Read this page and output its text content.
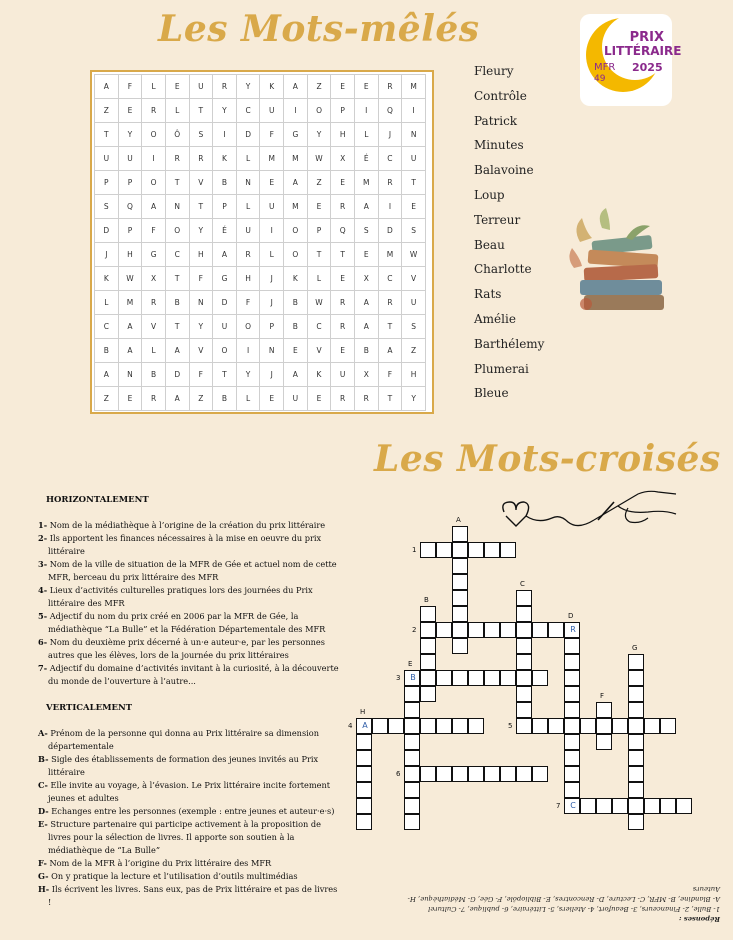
Les Mots-mêlés
Les Mots-croisés
PRIX
LITTÉRAIRE
MFR 2025
49
A	F	L	E	U	R	Y	K	A	Z	E	E	R	M
Z	E	R	L	T	Y	C	U	I	O	P	I	Q	I
T	Y	O	Ô	S	I	D	F	G	Y	H	L	J	N
U	U	I	R	R	K	L	M	M	W	X	É	C	U
P	P	O	T	V	B	N	E	A	Z	E	M	R	T
S	Q	A	N	T	P	L	U	M	E	R	A	I	E
D	P	F	O	Y	É	U	I	O	P	Q	S	D	S
J	H	G	C	H	A	R	L	O	T	T	E	M	W
K	W	X	T	F	G	H	J	K	L	E	X	C	V
L	M	R	B	N	D	F	J	B	W	R	A	R	U
C	A	V	T	Y	U	O	P	B	C	R	A	T	S
B	A	L	A	V	O	I	N	E	V	E	B	A	Z
A	N	B	D	F	T	Y	J	A	K	U	X	F	H
Z	E	R	A	Z	B	L	E	U	E	R	R	T	Y
Fleury
Contrôle
Patrick
Minutes
Balavoine
Loup
Terreur
Beau
Charlotte
Rats
Amélie
Barthélemy
Plumerai
Bleue
HORIZONTALEMENT
1- Nom de la médiathèque à l’origine de la création du prix littéraire
2- Ils apportent les finances nécessaires à la mise en oeuvre du prix littéraire
3- Nom de la ville de situation de la MFR de Gée et actuel nom de cette MFR, berceau du prix littéraire des MFR
4- Lieux d’activités culturelles pratiques lors des journées du Prix littéraire des MFR
5- Adjectif du nom du prix créé en 2006 par la MFR de Gée, la médiathèque “La Bulle” et la Fédération Départementale des MFR
6- Nom du deuxième prix décerné à un·e auteur·e, par les personnes autres que les élèves, lors de la journée du prix littéraires
7- Adjectif du domaine d’activités invitant à la curiosité, à la découverte du monde de l’ouverture à l’autre...
VERTICALEMENT
A- Prénom de la personne qui donna au Prix littéraire sa dimension départementale
B- Sigle des établissements de formation des jeunes invités au Prix littéraire
C- Elle invite au voyage, à l’évasion. Le Prix littéraire incite fortement jeunes et adultes
D- Echanges entre les personnes (exemple : entre jeunes et auteur·e·s)
E- Structure partenaire qui participe activement à la proposition de livres pour la sélection de livres. Il apporte son soutien à la médiathèque de “La Bulle”
F- Nom de la MFR à l’origine du Prix littéraire des MFR
G- On y pratique la lecture et l’utilisation d’outils multimédias
H- Ils écrivent les livres. Sans eux, pas de Prix littéraire et pas de livres !
R
B
A
C
A
B
C
D
E
F
G
H
1
2
3
4	5
6
7
Réponses :
1- Bulle, 2- Financeurs, 3- Beaufort, 4- Ateliers, 5- Littéraire, 6- publique, 7- Culturel
A- Blandine, B- MFR, C- Lecture, D- Rencontres, E- Bibliopôle, F- Gée, G- Médiathèque, H- Auteurs
